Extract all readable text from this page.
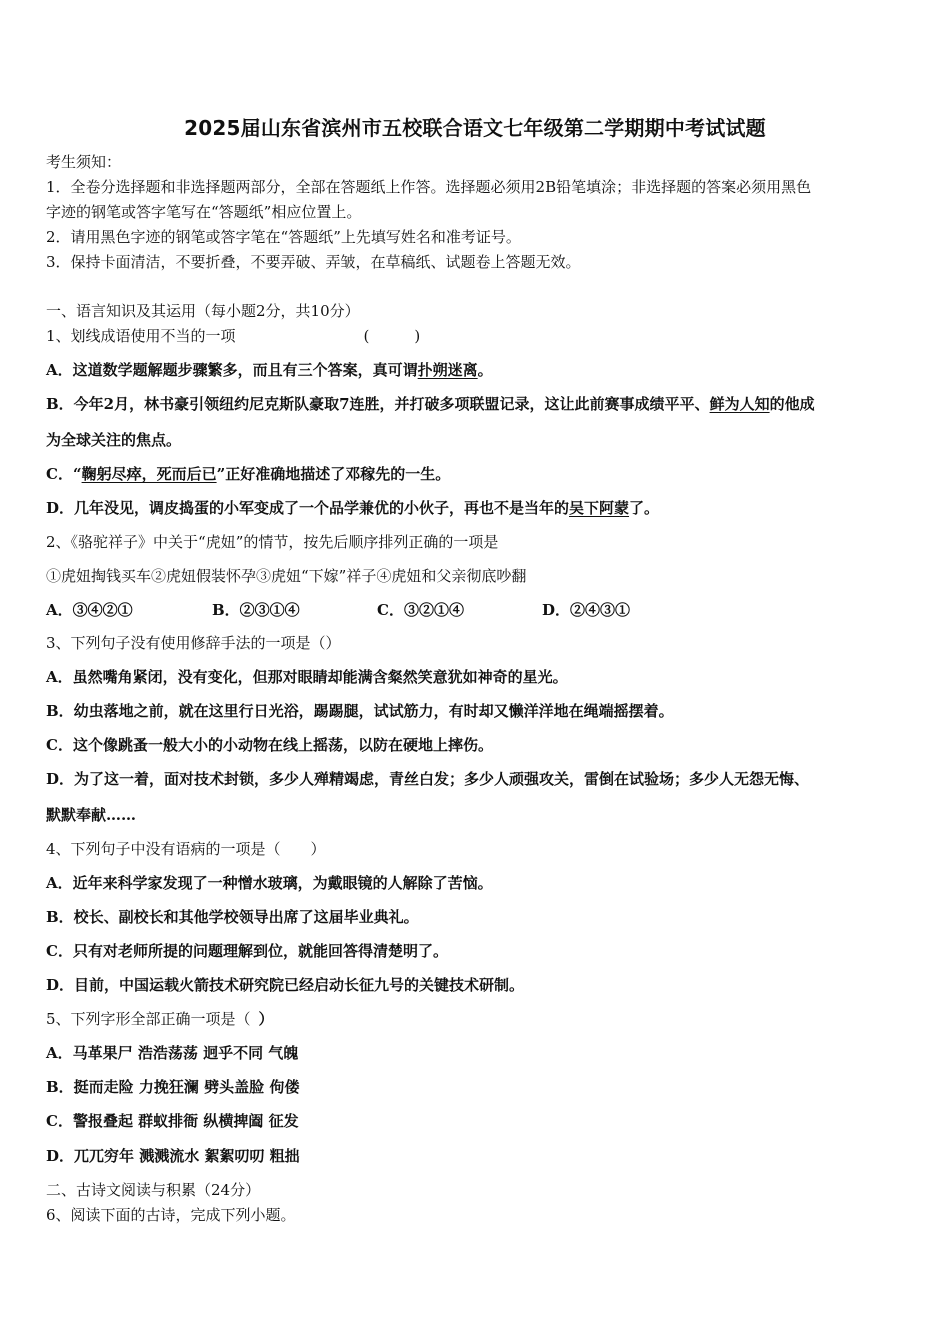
2025届山东省滨州市五校联合语文七年级第二学期期中考试试题
考生须知：
1．全卷分选择题和非选择题两部分，全部在答题纸上作答。选择题必须用2B铅笔填涂；非选择题的答案必须用黑色
字迹的钢笔或答字笔写在“答题纸”相应位置上。
2．请用黑色字迹的钢笔或答字笔在“答题纸”上先填写姓名和准考证号。
3．保持卡面清洁，不要折叠，不要弄破、弄皱，在草稿纸、试题卷上答题无效。
一、语言知识及其运用（每小题2分，共10分）
1、划线成语使用不当的一项	(　　　)
A．这道数学题解题步骤繁多，而且有三个答案，真可谓扑朔迷离。
B．今年2月，林书豪引领纽约尼克斯队豪取7连胜，并打破多项联盟记录，这让此前赛事成绩平平、鲜为人知的他成
为全球关注的焦点。
C．“鞠躬尽瘁，死而后已”正好准确地描述了邓稼先的一生。
D．几年没见，调皮捣蛋的小军变成了一个品学兼优的小伙子，再也不是当年的吴下阿蒙了。
2、《骆驼祥子》中关于“虎妞”的情节，按先后顺序排列正确的一项是
①虎妞掏钱买车②虎妞假装怀孕③虎妞“下嫁”祥子④虎妞和父亲彻底吵翻
A．③④②①	B．②③①④	C．③②①④	D．②④③①
3、下列句子没有使用修辞手法的一项是（）
A．虽然嘴角紧闭，没有变化，但那对眼睛却能满含粲然笑意犹如神奇的星光。
B．幼虫落地之前，就在这里行日光浴，踢踢腿，试试筋力，有时却又懒洋洋地在绳端摇摆着。
C．这个像跳蚤一般大小的小动物在线上摇荡，以防在硬地上摔伤。
D．为了这一着，面对技术封锁，多少人殚精竭虑，青丝白发；多少人顽强攻关，雷倒在试验场；多少人无怨无悔、
默默奉献……
4、下列句子中没有语病的一项是（　　）
A．近年来科学家发现了一种憎水玻璃，为戴眼镜的人解除了苦恼。
B．校长、副校长和其他学校领导出席了这届毕业典礼。
C．只有对老师所提的问题理解到位，就能回答得清楚明了。
D．目前，中国运载火箭技术研究院已经启动长征九号的关键技术研制。
5、下列字形全部正确一项是（ ）
A．马革果尸 浩浩荡荡 迥乎不同 气魄
B．挺而走险 力挽狂澜 劈头盖脸 佝偻
C．警报叠起 群蚁排衙 纵横捭阖 征发
D．兀兀穷年 溅溅流水 絮絮叨叨 粗拙
二、古诗文阅读与积累（24分）
6、阅读下面的古诗，完成下列小题。
